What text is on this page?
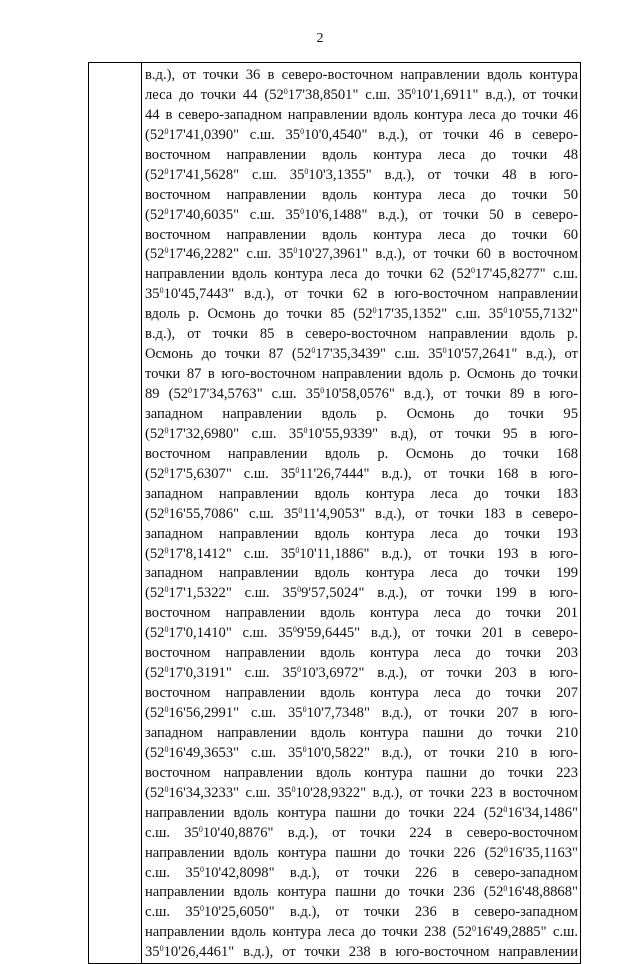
2

в.д.), от точки 36 в северо-восточном направлении вдоль контура
леса до точки 44 ($52^017'38,8501$" с.ш. $35^010'1,6911$" в.д.), от точки
44 в северо-западном направлении вдоль контура леса до точки 46
($52^017'41,0390$" с.ш. $35^010'0,4540$" в.д.), от точки 46 в северо-
восточном направлении вдоль контура леса до точки 48
($52^017'41,5628$" с.ш. $35^010'3,1355$" в.д.), от точки 48 в юго-
восточном направлении вдоль контура леса до точки 50
($52^017'40,6035$" с.ш. $35^010'6,1488$" в.д.), от точки 50 в северо-
восточном направлении вдоль контура леса до точки 60
($52^017'46,2282$" с.ш. $35^010'27,3961$" в.д.), от точки 60 в восточном
направлении вдоль контура леса до точки 62 ($52^017'45,8277$" с.ш.
$35^010'45,7443$" в.д.), от точки 62 в юго-восточном направлении
вдоль р. Осмонь до точки 85 ($52^017'35,1352$" с.ш. $35^010'55,7132$"
в.д.), от точки 85 в северо-восточном направлении вдоль р.
Осмонь до точки 87 ($52^017'35,3439$" с.ш. $35^010'57,2641$" в.д.), от
точки 87 в юго-восточном направлении вдоль р. Осмонь до точки
89 ($52^017'34,5763$" с.ш. $35^010'58,0576$" в.д.), от точки 89 в юго-
западном направлении вдоль р. Осмонь до точки 95
($52^017'32,6980$" с.ш. $35^010'55,9339$" в.д), от точки 95 в юго-
восточном направлении вдоль р. Осмонь до точки 168
($52^017'5,6307$" с.ш. $35^011'26,7444$" в.д.), от точки 168 в юго-
западном направлении вдоль контура леса до точки 183
($52^016'55,7086$" с.ш. $35^011'4,9053$" в.д.), от точки 183 в северо-
западном направлении вдоль контура леса до точки 193
($52^017'8,1412$" с.ш. $35^010'11,1886$" в.д.), от точки 193 в юго-
западном направлении вдоль контура леса до точки 199
($52^017'1,5322$" с.ш. $35^09'57,5024$" в.д.), от точки 199 в юго-
восточном направлении вдоль контура леса до точки 201
($52^017'0,1410$" с.ш. $35^09'59,6445$" в.д.), от точки 201 в северо-
восточном направлении вдоль контура леса до точки 203
($52^017'0,3191$" с.ш. $35^010'3,6972$" в.д.), от точки 203 в юго-
восточном направлении вдоль контура леса до точки 207
($52^016'56,2991$" с.ш. $35^010'7,7348$" в.д.), от точки 207 в юго-
западном направлении вдоль контура пашни до точки 210
($52^016'49,3653$" с.ш. $35^010'0,5822$" в.д.), от точки 210 в юго-
восточном направлении вдоль контура пашни до точки 223
($52^016'34,3233$" с.ш. $35^010'28,9322$" в.д.), от точки 223 в восточном
направлении вдоль контура пашни до точки 224 ($52^016'34,1486$"
с.ш. $35^010'40,8876$" в.д.), от точки 224 в северо-восточном
направлении вдоль контура пашни до точки 226 ($52^016'35,1163$"
с.ш. $35^010'42,8098$" в.д.), от точки 226 в северо-западном
направлении вдоль контура пашни до точки 236 ($52^016'48,8868$"
с.ш. $35^010'25,6050$" в.д.), от точки 236 в северо-западном
направлении вдоль контура леса до точки 238 ($52^016'49,2885$" с.ш.
$35^010'26,4461$" в.д.), от точки 238 в юго-восточном направлении
